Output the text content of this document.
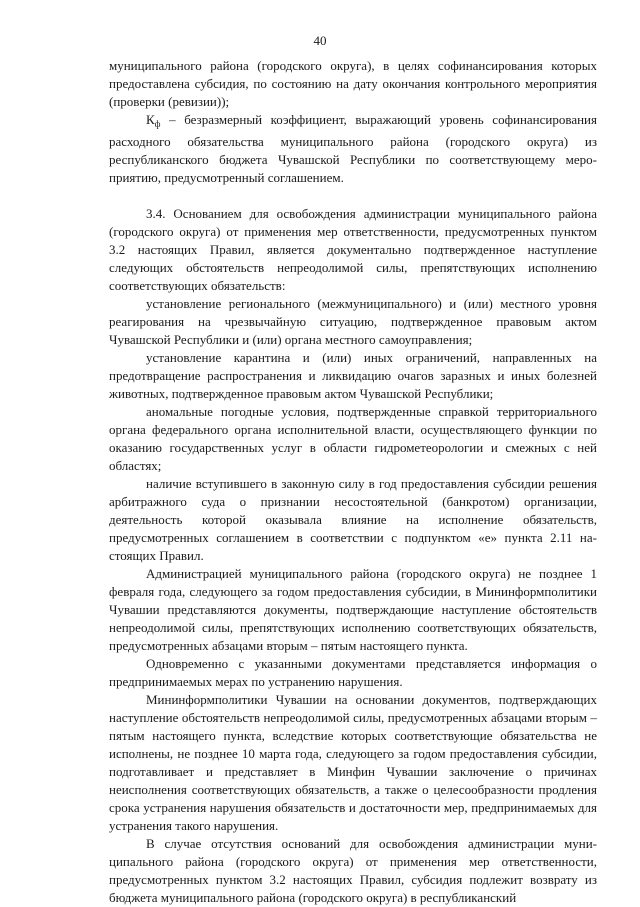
40

муниципального района (городского округа), в целях софинансирования которых предоставлена субсидия, по состоянию на дату окончания контрольного мероприятия (проверки (ревизии));

$К_ф$ – безразмерный коэффициент, выражающий уровень софинансирования расходного обязательства муниципального района (городского округа) из республиканского бюджета Чувашской Республики по соответствующему мероприятию, предусмотренный соглашением.

3.4. Основанием для освобождения администрации муниципального района (городского округа) от применения мер ответственности, предусмотренных пунктом 3.2 настоящих Правил, является документально подтвержденное наступление следующих обстоятельств непреодолимой силы, препятствующих исполнению соответствующих обязательств:

установление регионального (межмуниципального) и (или) местного уровня реагирования на чрезвычайную ситуацию, подтвержденное правовым актом Чувашской Республики и (или) органа местного самоуправления;

установление карантина и (или) иных ограничений, направленных на предотвращение распространения и ликвидацию очагов заразных и иных болезней животных, подтвержденное правовым актом Чувашской Республики;

аномальные погодные условия, подтвержденные справкой территориального органа федерального органа исполнительной власти, осуществляющего функции по оказанию государственных услуг в области гидрометеорологии и смежных с ней областях;

наличие вступившего в законную силу в год предоставления субсидии решения арбитражного суда о признании несостоятельной (банкротом) организации, деятельность которой оказывала влияние на исполнение обязательств, предусмотренных соглашением в соответствии с подпунктом «е» пункта 2.11 настоящих Правил.

Администрацией муниципального района (городского округа) не позднее 1 февраля года, следующего за годом предоставления субсидии, в Мининформполитики Чувашии представляются документы, подтверждающие наступление обстоятельств непреодолимой силы, препятствующих исполнению соответствующих обязательств, предусмотренных абзацами вторым – пятым настоящего пункта.

Одновременно с указанными документами представляется информация о предпринимаемых мерах по устранению нарушения.

Мининформполитики Чувашии на основании документов, подтверждающих наступление обстоятельств непреодолимой силы, предусмотренных абзацами вторым – пятым настоящего пункта, вследствие которых соответствующие обязательства не исполнены, не позднее 10 марта года, следующего за годом предоставления субсидии, подготавливает и представляет в Минфин Чувашии заключение о причинах неисполнения соответствующих обязательств, а также о целесообразности продления срока устранения нарушения обязательств и достаточности мер, предпринимаемых для устранения такого нарушения.

В случае отсутствия оснований для освобождения администрации муниципального района (городского округа) от применения мер ответственности, предусмотренных пунктом 3.2 настоящих Правил, субсидия подлежит возврату из бюджета муниципального района (городского округа) в республиканский
